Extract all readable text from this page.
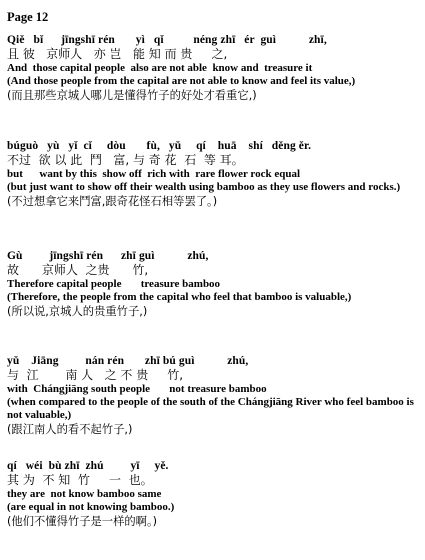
Page 12
Qiě   bǐ      jīngshī rén       yì   qǐ          néng zhī   ér  guì           zhī,
且 彼   京师人   亦 岂   能 知 而 贵     之,
And  those capital people  also are not able  know and  treasure it
(And those people from the capital are not able to know and feel its value,)
(而且那些京城人哪儿是懂得竹子的好处才看重它,)
búguò   yù   yǐ  cǐ     dòu       fù,   yǔ     qí    huā    shí   děng ěr.
不过  欲 以 此  鬥   富, 与 奇 花  石  等 耳。
but      want by this  show off  rich with  rare flower rock equal
(but just want to show off their wealth using bamboo as they use flowers and rocks.)
(不过想拿它来鬥富,跟奇花怪石相等罢了。)
Gù         jīngshī rén      zhī guì           zhú,
故      京师人  之贵      竹,
Therefore capital people       treasure bamboo
(Therefore, the people from the capital who feel that bamboo is valuable,)
(所以说,京城人的贵重竹子,)
yǔ    Jiāng         nán rén       zhī bú guì           zhú,
与  江       南 人   之 不 贵     竹,
with  Chángjiāng south people       not treasure bamboo
(when compared to the people of the south of the Chángjiāng River who feel bamboo is not valuable,)
(跟江南人的看不起竹子,)
qí   wéi  bù zhī  zhú         yī     yě.
其 为  不 知  竹     一  也。
they are  not know bamboo same
(are equal in not knowing bamboo.)
(他们不懂得竹子是一样的啊。)
